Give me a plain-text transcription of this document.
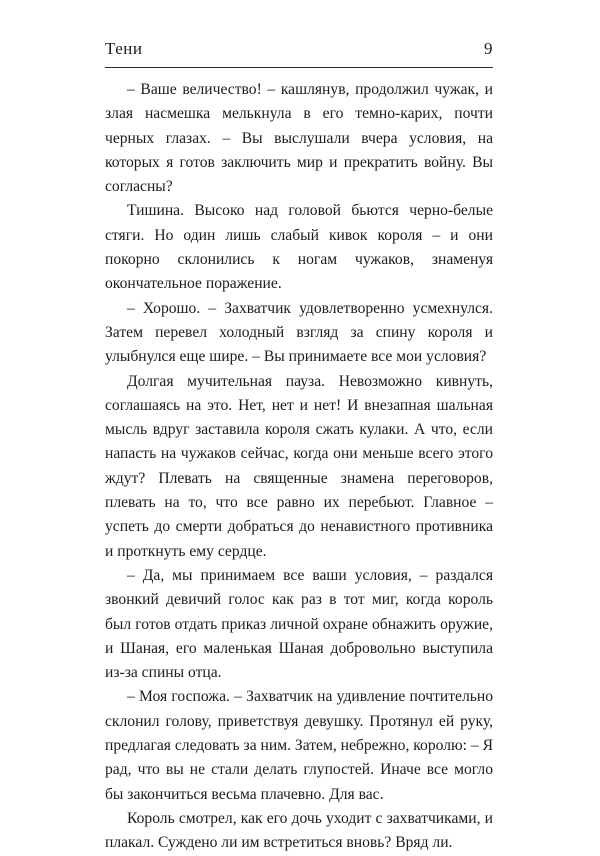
Тени	9

– Ваше величество! – кашлянув, продолжил чужак, и злая насмешка мелькнула в его темно-карих, почти черных глазах. – Вы выслушали вчера условия, на которых я готов заключить мир и прекратить войну. Вы согласны?

Тишина. Высоко над головой бьются черно-белые стяги. Но один лишь слабый кивок короля – и они покорно склонились к ногам чужаков, знаменуя окончательное поражение.

– Хорошо. – Захватчик удовлетворенно усмехнулся. Затем перевел холодный взгляд за спину короля и улыбнулся еще шире. – Вы принимаете все мои условия?

Долгая мучительная пауза. Невозможно кивнуть, соглашаясь на это. Нет, нет и нет! И внезапная шальная мысль вдруг заставила короля сжать кулаки. А что, если напасть на чужаков сейчас, когда они меньше всего этого ждут? Плевать на священные знамена переговоров, плевать на то, что все равно их перебьют. Главное – успеть до смерти добраться до ненавистного противника и проткнуть ему сердце.

– Да, мы принимаем все ваши условия, – раздался звонкий девичий голос как раз в тот миг, когда король был готов отдать приказ личной охране обнажить оружие, и Шаная, его маленькая Шаная добровольно выступила из-за спины отца.

– Моя госпожа. – Захватчик на удивление почтительно склонил голову, приветствуя девушку. Протянул ей руку, предлагая следовать за ним. Затем, небрежно, королю: – Я рад, что вы не стали делать глупостей. Иначе все могло бы закончиться весьма плачевно. Для вас.

Король смотрел, как его дочь уходит с захватчиками, и плакал. Суждено ли им встретиться вновь? Вряд ли.
